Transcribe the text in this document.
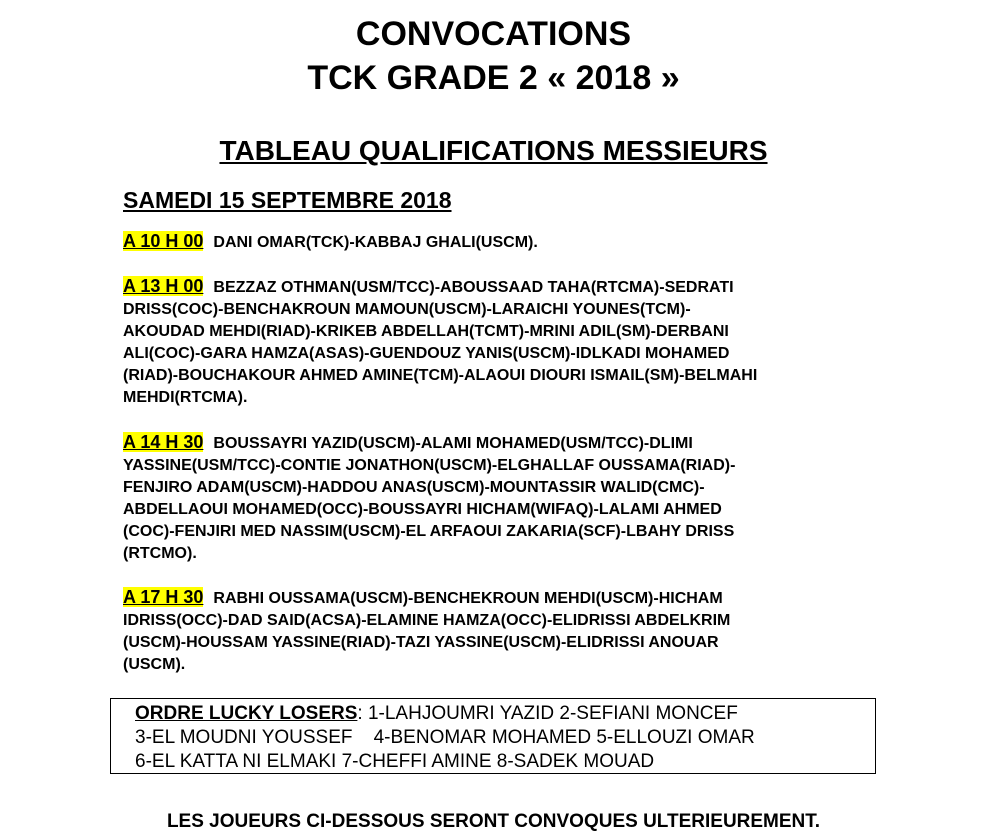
CONVOCATIONS
TCK GRADE 2 « 2018 »
TABLEAU QUALIFICATIONS MESSIEURS
SAMEDI 15 SEPTEMBRE 2018
A 10 H 00 DANI OMAR(TCK)-KABBAJ GHALI(USCM).
A 13 H 00 BEZZAZ OTHMAN(USM/TCC)-ABOUSSAAD TAHA(RTCMA)-SEDRATI
DRISS(COC)-BENCHAKROUN MAMOUN(USCM)-LARAICHI YOUNES(TCM)-
AKOUDAD MEHDI(RIAD)-KRIKEB ABDELLAH(TCMT)-MRINI ADIL(SM)-DERBANI
ALI(COC)-GARA HAMZA(ASAS)-GUENDOUZ YANIS(USCM)-IDLKADI MOHAMED
(RIAD)-BOUCHAKOUR AHMED AMINE(TCM)-ALAOUI DIOURI ISMAIL(SM)-BELMAHI
MEHDI(RTCMA).
A 14 H 30 BOUSSAYRI YAZID(USCM)-ALAMI MOHAMED(USM/TCC)-DLIMI
YASSINE(USM/TCC)-CONTIE JONATHON(USCM)-ELGHALLAF OUSSAMA(RIAD)-
FENJIRO ADAM(USCM)-HADDOU ANAS(USCM)-MOUNTASSIR WALID(CMC)-
ABDELLAOUI MOHAMED(OCC)-BOUSSAYRI HICHAM(WIFAQ)-LALAMI AHMED
(COC)-FENJIRI MED NASSIM(USCM)-EL ARFAOUI ZAKARIA(SCF)-LBAHY DRISS
(RTCMO).
A 17 H 30 RABHI OUSSAMA(USCM)-BENCHEKROUN MEHDI(USCM)-HICHAM
IDRISS(OCC)-DAD SAID(ACSA)-ELAMINE HAMZA(OCC)-ELIDRISSI ABDELKRIM
(USCM)-HOUSSAM YASSINE(RIAD)-TAZI YASSINE(USCM)-ELIDRISSI ANOUAR
(USCM).
ORDRE LUCKY LOSERS: 1-LAHJOUMRI YAZID 2-SEFIANI MONCEF
3-EL MOUDNI YOUSSEF    4-BENOMAR MOHAMED 5-ELLOUZI OMAR
6-EL KATTA NI ELMAKI 7-CHEFFI AMINE 8-SADEK MOUAD
LES JOUEURS CI-DESSOUS SERONT CONVOQUES ULTERIEUREMENT.
